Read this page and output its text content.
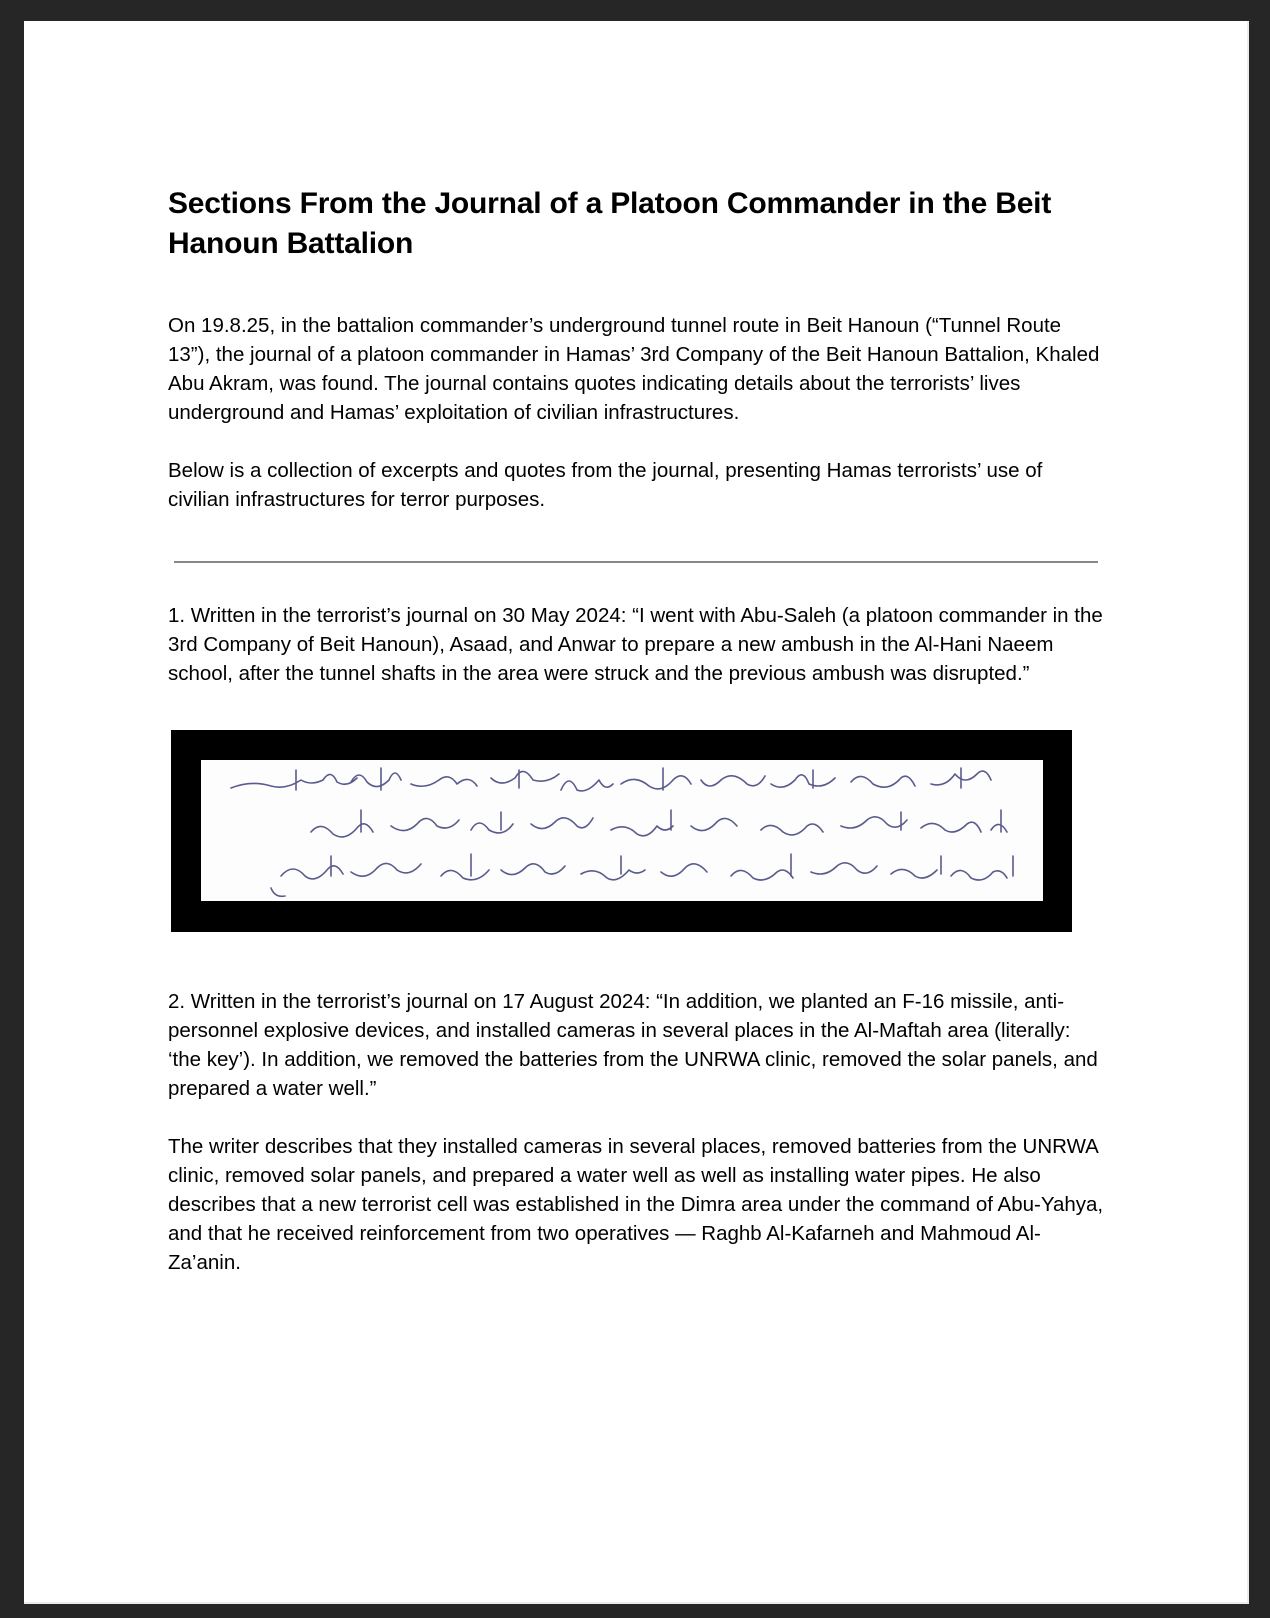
Sections From the Journal of a Platoon Commander in the Beit Hanoun Battalion

On 19.8.25, in the battalion commander’s underground tunnel route in Beit Hanoun (“Tunnel Route 13”), the journal of a platoon commander in Hamas’ 3rd Company of the Beit Hanoun Battalion, Khaled Abu Akram, was found. The journal contains quotes indicating details about the terrorists’ lives underground and Hamas’ exploitation of civilian infrastructures.

Below is a collection of excerpts and quotes from the journal, presenting Hamas terrorists’ use of civilian infrastructures for terror purposes.

1. Written in the terrorist’s journal on 30 May 2024: “I went with Abu-Saleh (a platoon commander in the 3rd Company of Beit Hanoun), Asaad, and Anwar to prepare a new ambush in the Al-Hani Naeem school, after the tunnel shafts in the area were struck and the previous ambush was disrupted.”

2. Written in the terrorist’s journal on 17 August 2024: “In addition, we planted an F-16 missile, anti-personnel explosive devices, and installed cameras in several places in the Al-Maftah area (literally: ‘the key’). In addition, we removed the batteries from the UNRWA clinic, removed the solar panels, and prepared a water well.”

The writer describes that they installed cameras in several places, removed batteries from the UNRWA clinic, removed solar panels, and prepared a water well as well as installing water pipes. He also describes that a new terrorist cell was established in the Dimra area under the command of Abu-Yahya, and that he received reinforcement from two operatives — Raghb Al-Kafarneh and Mahmoud Al-Za’anin.
